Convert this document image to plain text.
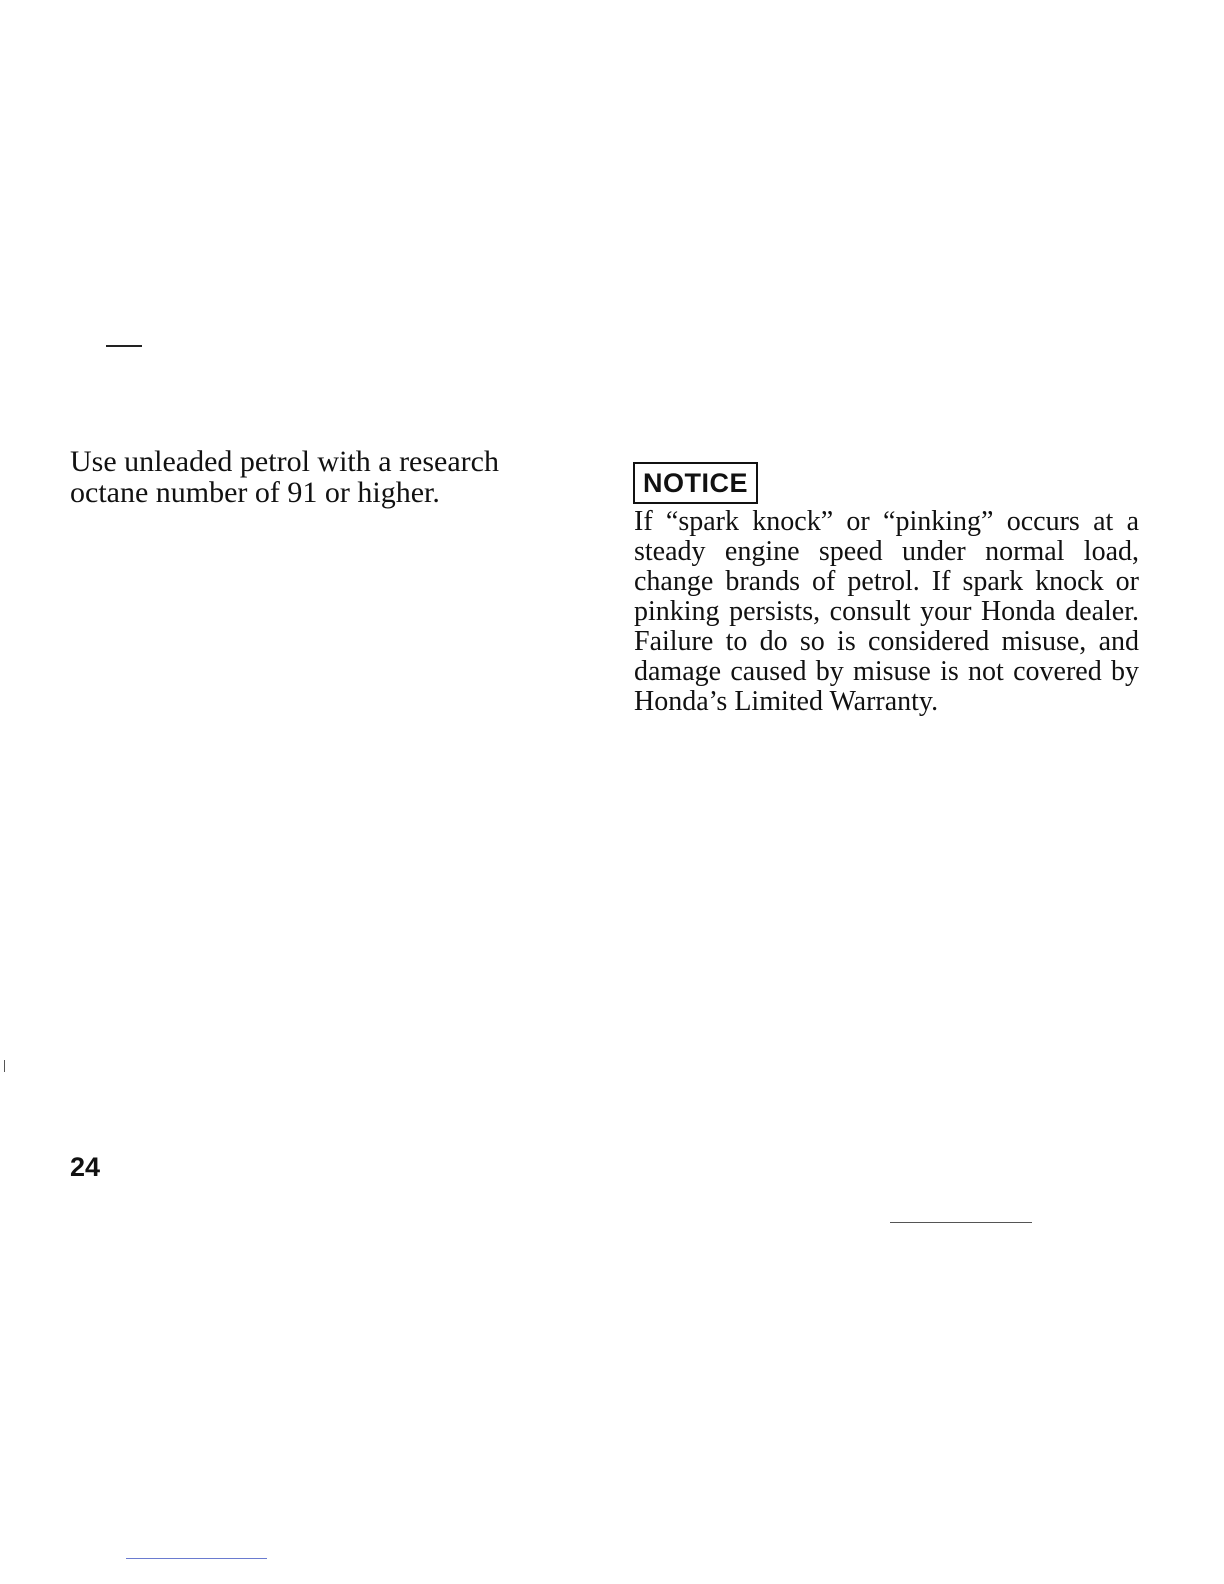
Use unleaded petrol with a research octane number of 91 or higher.	NOTICE

If “spark knock” or “pinking” occurs at a steady engine speed under normal load, change brands of petrol. If spark knock or pinking persists, consult your Honda dealer. Failure to do so is considered misuse, and damage caused by misuse is not covered by Honda’s Limited Warranty.

24
